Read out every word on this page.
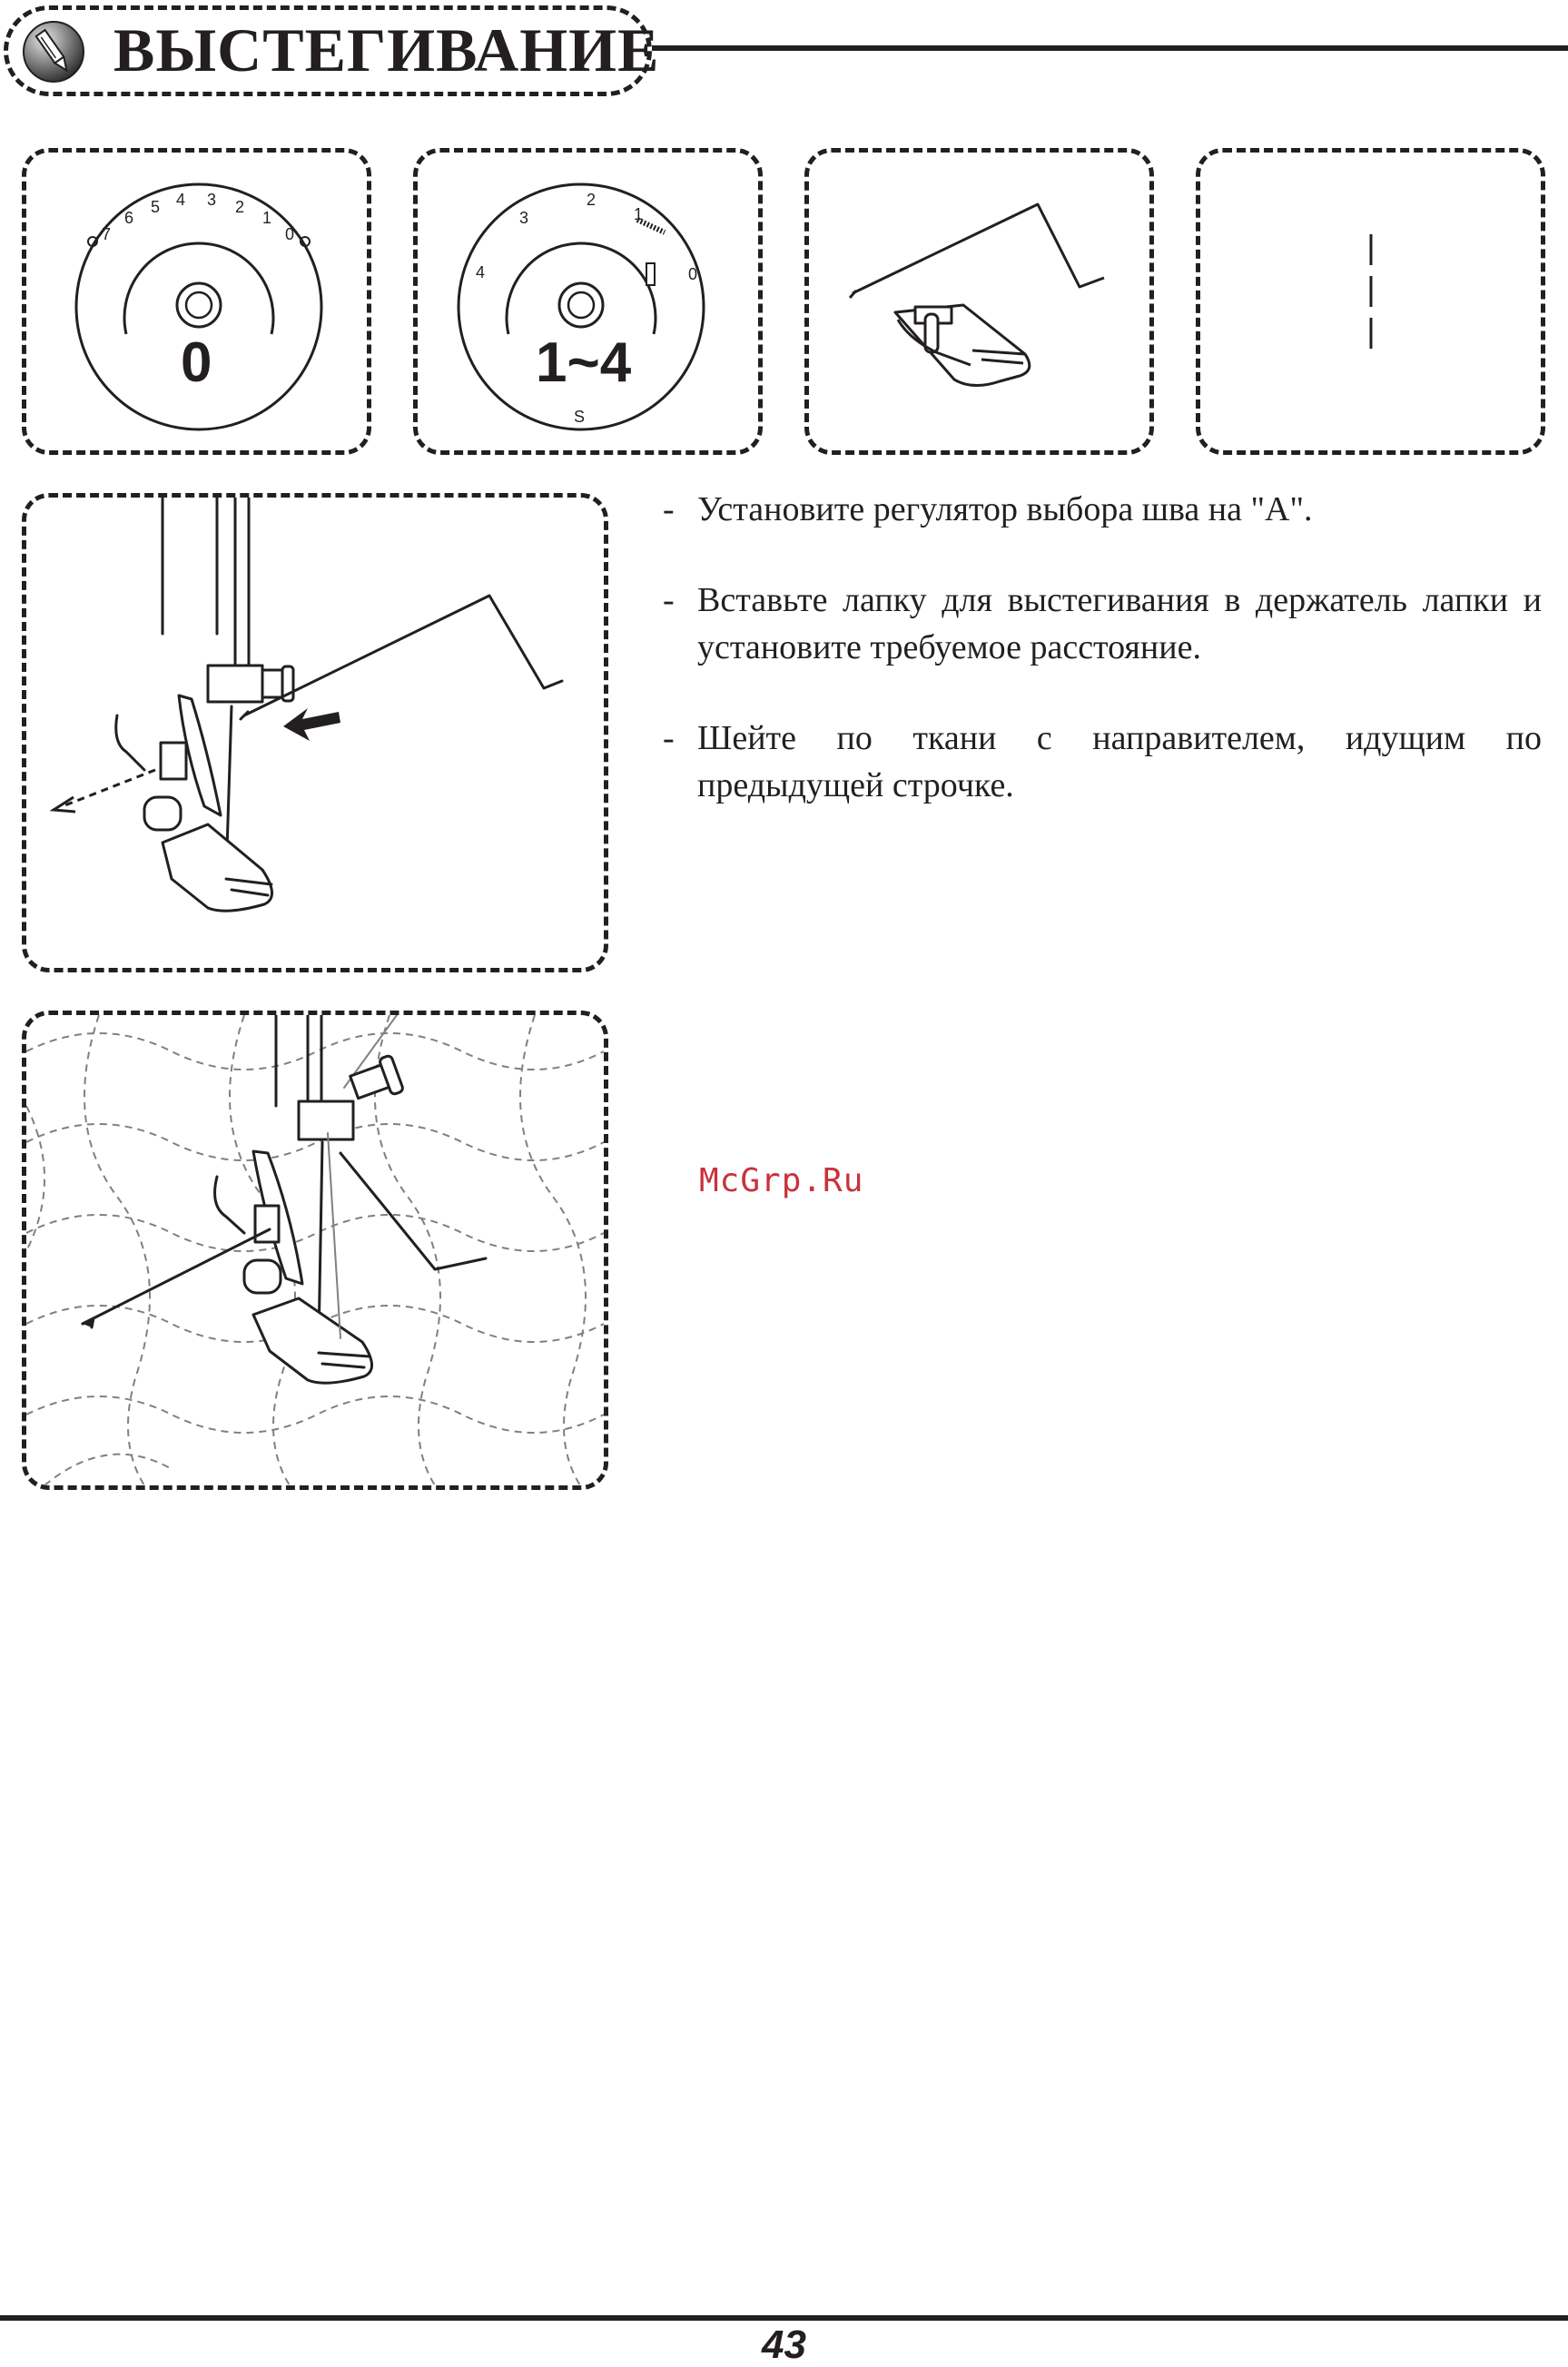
ВЫСТЕГИВАНИЕ
7
6
5 4 3 2
1
0
0
4
3
2
1
0
S
1~4
- Установите регулятор выбора шва на "А".
- Вставьте лапку для выстегивания в держатель лапки и установите требуемое расстояние.
- Шейте по ткани с направителем, идущим по предыдущей строчке.
McGrp.Ru
43
